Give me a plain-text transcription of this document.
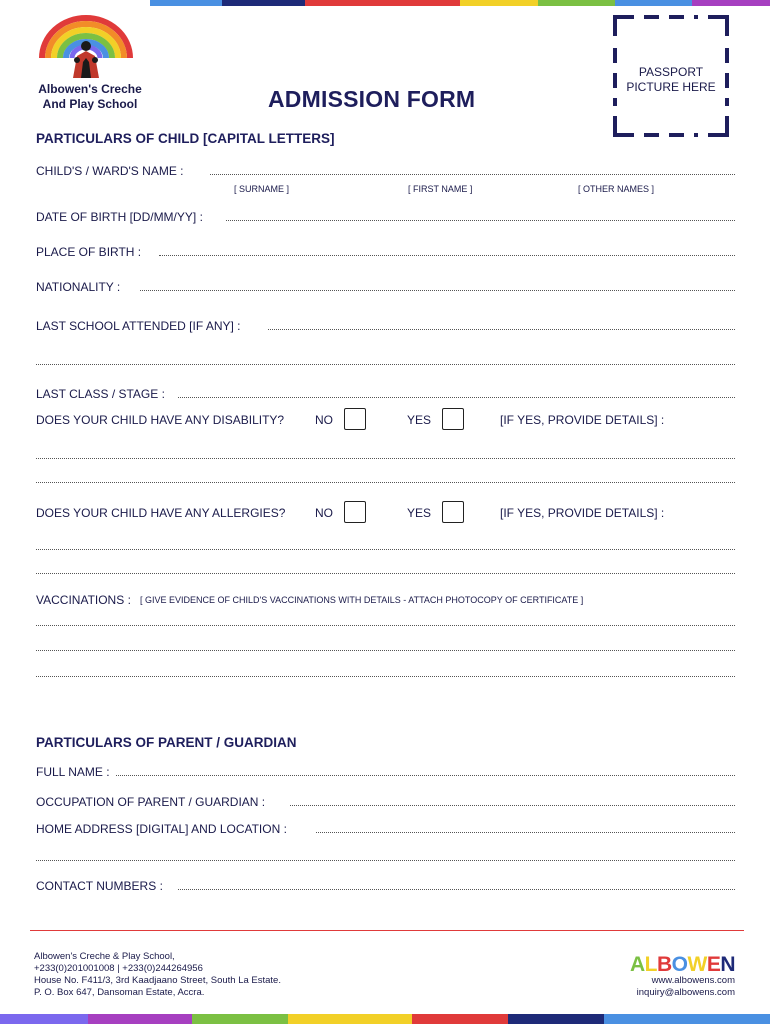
Albowen's Creche
And Play School	ADMISSION FORM
PASSPORT
PICTURE HERE
PARTICULARS OF CHILD [CAPITAL LETTERS]
CHILD'S / WARD'S NAME :
[ SURNAME ]	[ FIRST NAME ]	[ OTHER NAMES ]
DATE OF BIRTH [DD/MM/YY] :
PLACE OF BIRTH :
NATIONALITY :
LAST SCHOOL ATTENDED [IF ANY] :
LAST CLASS / STAGE :
DOES YOUR CHILD HAVE ANY DISABILITY?	NO	YES	[IF YES, PROVIDE DETAILS] :
DOES YOUR CHILD HAVE ANY ALLERGIES? NO	YES	[IF YES, PROVIDE DETAILS] :
VACCINATIONS : [ GIVE EVIDENCE OF CHILD'S VACCINATIONS WITH DETAILS - ATTACH PHOTOCOPY OF CERTIFICATE ]
PARTICULARS OF PARENT / GUARDIAN
FULL NAME :
OCCUPATION OF PARENT / GUARDIAN :
HOME ADDRESS [DIGITAL] AND LOCATION :
CONTACT NUMBERS :
Albowen's Creche & Play School,
+233(0)201001008 | +233(0)244264956
House No. F411/3, 3rd Kaadjaano Street, South La Estate.
P. O. Box 647, Dansoman Estate, Accra.
ALBOWEN
www.albowens.com
inquiry@albowens.com
